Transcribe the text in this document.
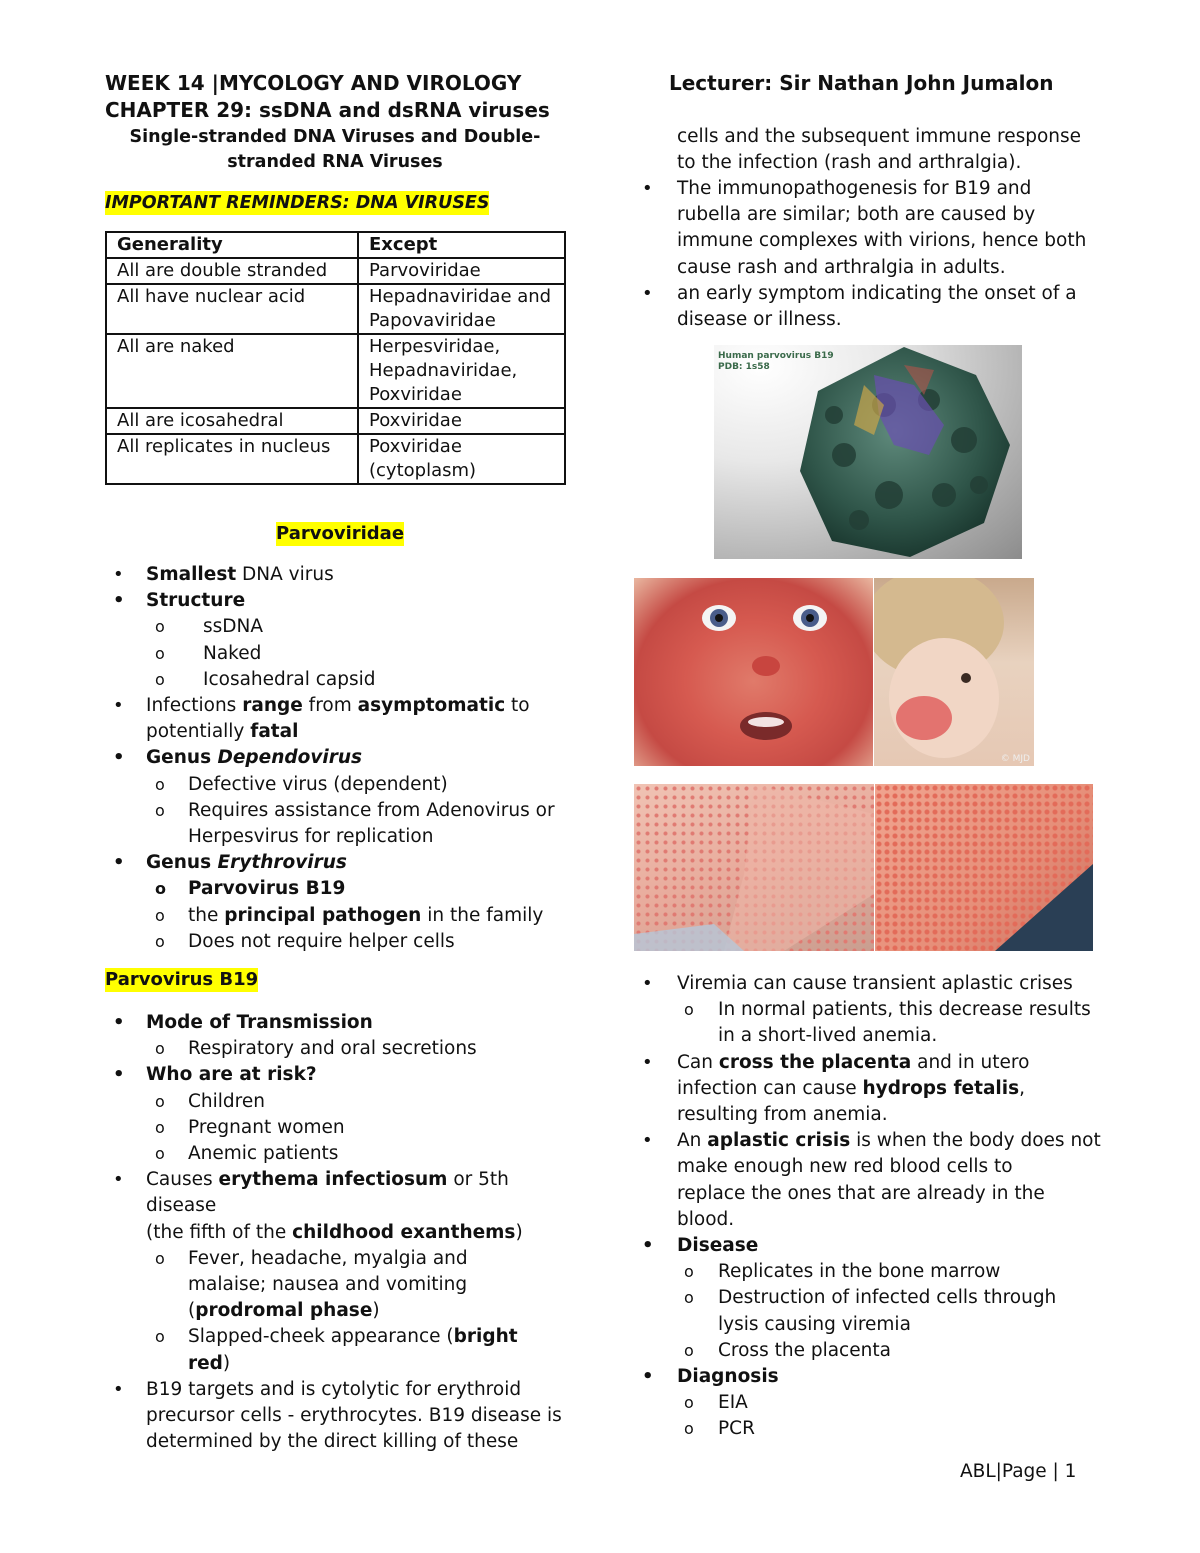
WEEK 14 |MYCOLOGY AND VIROLOGY
CHAPTER 29: ssDNA and dsRNA viruses
Single-stranded DNA Viruses and Double-
stranded RNA Viruses
Lecturer: Sir Nathan John Jumalon
IMPORTANT REMINDERS: DNA VIRUSES
Generality	Except
All are double stranded	Parvoviridae
All have nuclear acid	Hepadnaviridae and Papovaviridae
All are naked	Herpesviridae, Hepadnaviridae, Poxviridae
All are icosahedral	Poxviridae
All replicates in nucleus	Poxviridae (cytoplasm)
Parvoviridae
• Smallest DNA virus
• Structure
o ssDNA
o Naked
o Icosahedral capsid
• Infections range from asymptomatic to
potentially fatal
• Genus Dependovirus
o Defective virus (dependent)
o Requires assistance from Adenovirus or
Herpesvirus for replication
• Genus Erythrovirus
o Parvovirus B19
o the principal pathogen in the family
o Does not require helper cells
Parvovirus B19
• Mode of Transmission
o Respiratory and oral secretions
• Who are at risk?
o Children
o Pregnant women
o Anemic patients
• Causes erythema infectiosum or 5th disease
(the fifth of the childhood exanthems)
o Fever, headache, myalgia and
malaise; nausea and vomiting
(prodromal phase)
o Slapped-cheek appearance (bright
red)
• B19 targets and is cytolytic for erythroid
precursor cells - erythrocytes. B19 disease is
determined by the direct killing of these
cells and the subsequent immune response
to the infection (rash and arthralgia).
• The immunopathogenesis for B19 and
rubella are similar; both are caused by
immune complexes with virions, hence both
cause rash and arthralgia in adults.
• an early symptom indicating the onset of a
disease or illness.
Human parvovirus B19
PDB: 1s58
© MJD
• Viremia can cause transient aplastic crises
o In normal patients, this decrease results
in a short-lived anemia.
• Can cross the placenta and in utero
infection can cause hydrops fetalis,
resulting from anemia.
• An aplastic crisis is when the body does not
make enough new red blood cells to
replace the ones that are already in the
blood.
• Disease
o Replicates in the bone marrow
o Destruction of infected cells through
lysis causing viremia
o Cross the placenta
• Diagnosis
o EIA
o PCR
ABL|Page | 1
